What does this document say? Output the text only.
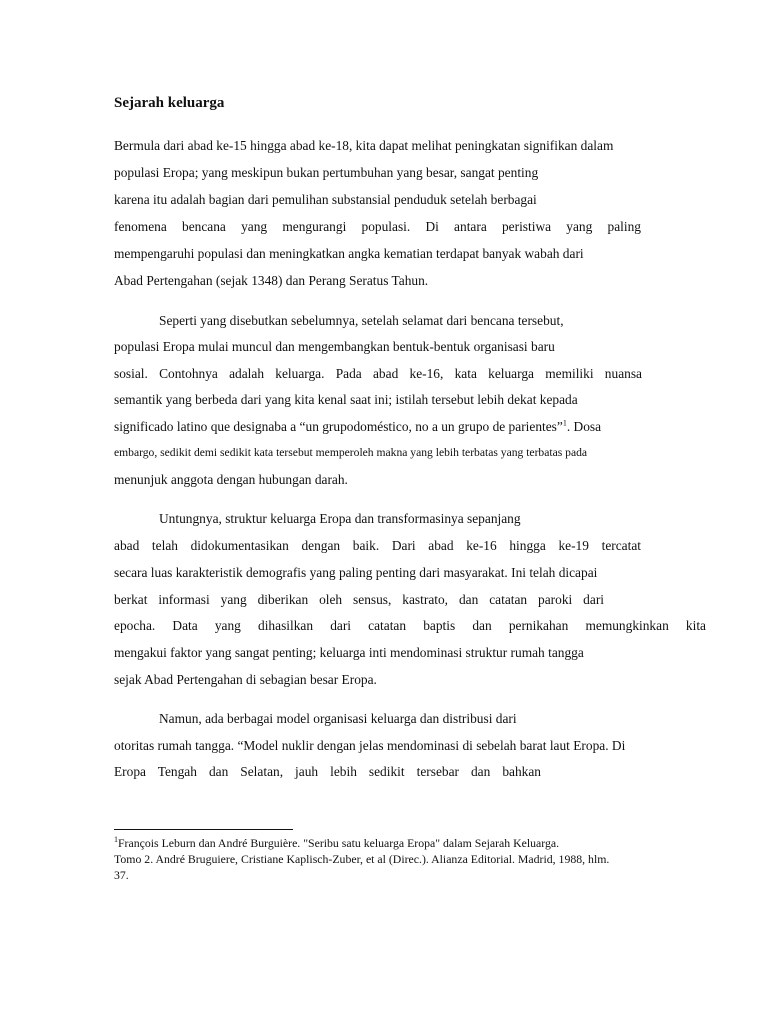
Sejarah keluarga
Bermula dari abad ke-15 hingga abad ke-18, kita dapat melihat peningkatan signifikan dalam
populasi Eropa; yang meskipun bukan pertumbuhan yang besar, sangat penting
karena itu adalah bagian dari pemulihan substansial penduduk setelah berbagai
fenomena bencana yang mengurangi populasi. Di antara peristiwa yang paling
mempengaruhi populasi dan meningkatkan angka kematian terdapat banyak wabah dari
Abad Pertengahan (sejak 1348) dan Perang Seratus Tahun.
Seperti yang disebutkan sebelumnya, setelah selamat dari bencana tersebut,
populasi Eropa mulai muncul dan mengembangkan bentuk-bentuk organisasi baru
sosial. Contohnya adalah keluarga. Pada abad ke-16, kata keluarga memiliki nuansa
semantik yang berbeda dari yang kita kenal saat ini; istilah tersebut lebih dekat kepada
significado latino que designaba a “un grupodoméstico, no a un grupo de parientes”$^1$. Dosa
embargo, sedikit demi sedikit kata tersebut memperoleh makna yang lebih terbatas yang terbatas pada
menunjuk anggota dengan hubungan darah.
Untungnya, struktur keluarga Eropa dan transformasinya sepanjang
abad telah didokumentasikan dengan baik. Dari abad ke-16 hingga ke-19 tercatat
secara luas karakteristik demografis yang paling penting dari masyarakat. Ini telah dicapai
berkat informasi yang diberikan oleh sensus, kastrato, dan catatan paroki dari
epocha. Data yang dihasilkan dari catatan baptis dan pernikahan memungkinkan kita
mengakui faktor yang sangat penting; keluarga inti mendominasi struktur rumah tangga
sejak Abad Pertengahan di sebagian besar Eropa.
Namun, ada berbagai model organisasi keluarga dan distribusi dari
otoritas rumah tangga. “Model nuklir dengan jelas mendominasi di sebelah barat laut Eropa. Di
Eropa Tengah dan Selatan, jauh lebih sedikit tersebar dan bahkan
$^1$François Leburn dan André Burguière. "Seribu satu keluarga Eropa" dalam Sejarah Keluarga.
Tomo 2. André Bruguiere, Cristiane Kaplisch-Zuber, et al (Direc.). Alianza Editorial. Madrid, 1988, hlm.
37.
